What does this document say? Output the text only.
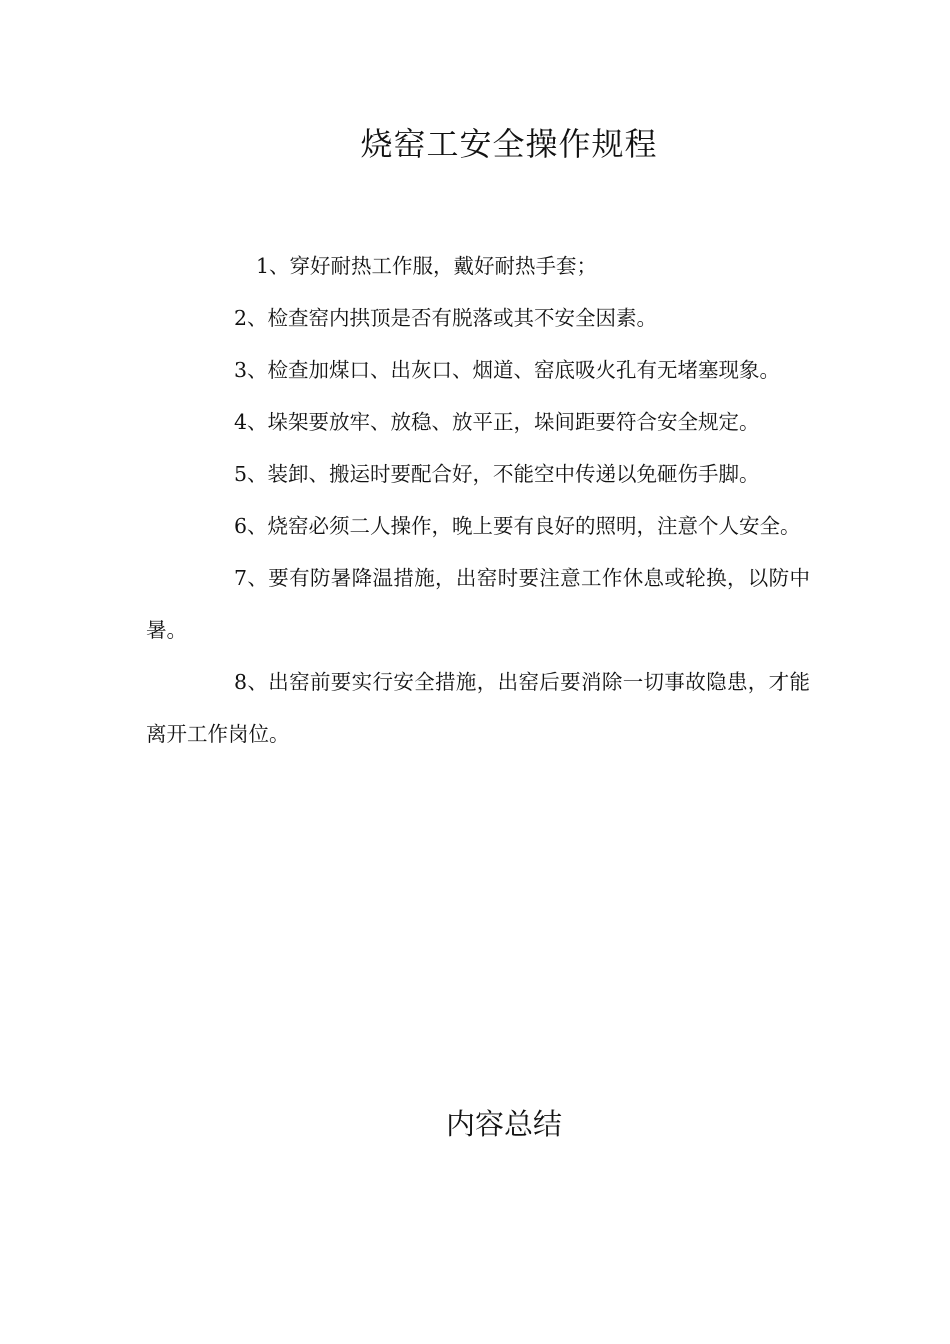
烧窑工安全操作规程

1、穿好耐热工作服，戴好耐热手套；

2、检查窑内拱顶是否有脱落或其不安全因素。

3、检查加煤口、出灰口、烟道、窑底吸火孔有无堵塞现象。

4、垛架要放牢、放稳、放平正，垛间距要符合安全规定。

5、装卸、搬运时要配合好，不能空中传递以免砸伤手脚。

6、烧窑必须二人操作，晚上要有良好的照明，注意个人安全。

7、要有防暑降温措施，出窑时要注意工作休息或轮换，以防中暑。

8、出窑前要实行安全措施，出窑后要消除一切事故隐患，才能离开工作岗位。

内容总结
